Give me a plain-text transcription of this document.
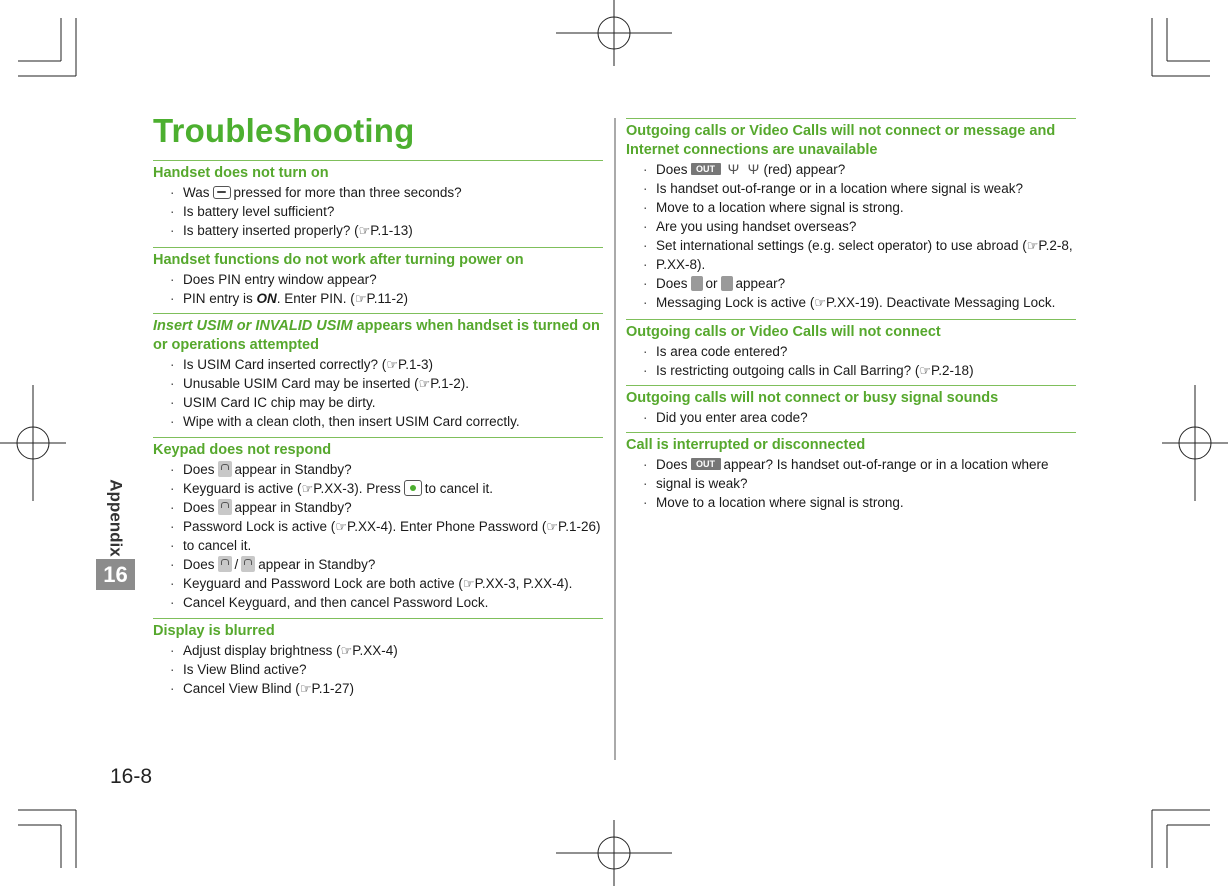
Appendix
16
16-8
Troubleshooting
Handset does not turn on
· Was pressed for more than three seconds?
· Is battery level sufficient?
· Is battery inserted properly? (☞P.1-13)
Handset functions do not work after turning power on
· Does PIN entry window appear?
· PIN entry is ON. Enter PIN. (☞P.11-2)
Insert USIM or INVALID USIM appears when handset is turned on or operations attempted
· Is USIM Card inserted correctly? (☞P.1-3)
· Unusable USIM Card may be inserted (☞P.1-2).
· USIM Card IC chip may be dirty.
· Wipe with a clean cloth, then insert USIM Card correctly.
Keypad does not respond
· Does appear in Standby?
· Keyguard is active (☞P.XX-3). Press to cancel it.
· Does appear in Standby?
· Password Lock is active (☞P.XX-4). Enter Phone Password (☞P.1-26)
· to cancel it.
· Does / appear in Standby?
· Keyguard and Password Lock are both active (☞P.XX-3, P.XX-4).
· Cancel Keyguard, and then cancel Password Lock.
Display is blurred
· Adjust display brightness (☞P.XX-4)
· Is View Blind active?
· Cancel View Blind (☞P.1-27)
Outgoing calls or Video Calls will not connect or message and Internet connections are unavailable
· Does OUT Ψ Ψ (red) appear?
· Is handset out-of-range or in a location where signal is weak?
· Move to a location where signal is strong.
· Are you using handset overseas?
· Set international settings (e.g. select operator) to use abroad (☞P.2-8,
· P.XX-8).
· Does or appear?
· Messaging Lock is active (☞P.XX-19). Deactivate Messaging Lock.
Outgoing calls or Video Calls will not connect
· Is area code entered?
· Is restricting outgoing calls in Call Barring? (☞P.2-18)
Outgoing calls will not connect or busy signal sounds
· Did you enter area code?
Call is interrupted or disconnected
· Does OUT appear? Is handset out-of-range or in a location where
· signal is weak?
· Move to a location where signal is strong.
